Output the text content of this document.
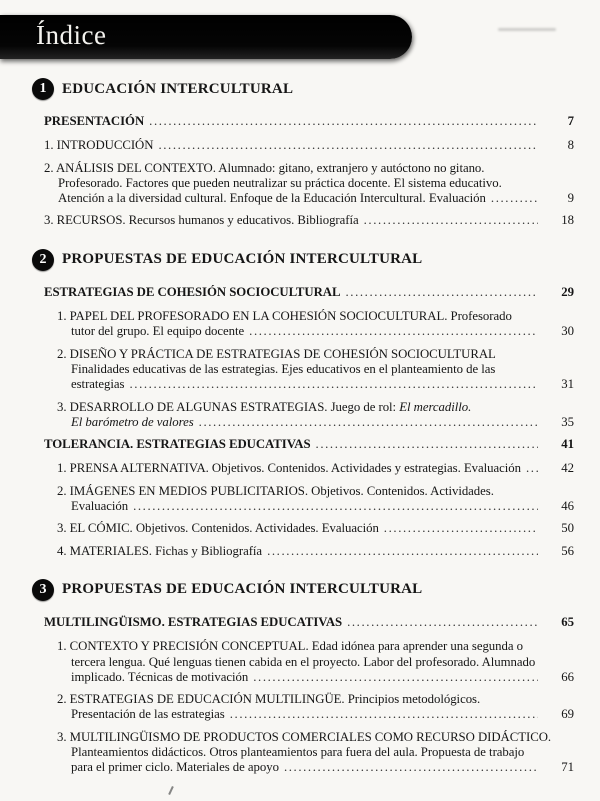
Índice
1	EDUCACIÓN INTERCULTURAL
PRESENTACIÓN .....	7
1. INTRODUCCIÓN .....	8
2. ANÁLISIS DEL CONTEXTO. Alumnado: gitano, extranjero y autóctono no gitano.
Profesorado. Factores que pueden neutralizar su práctica docente. El sistema educativo.
Atención a la diversidad cultural. Enfoque de la Educación Intercultural. Evaluación .....	9
3. RECURSOS. Recursos humanos y educativos. Bibliografía .....	18
2	PROPUESTAS DE EDUCACIÓN INTERCULTURAL
ESTRATEGIAS DE COHESIÓN SOCIOCULTURAL .....	29
1. PAPEL DEL PROFESORADO EN LA COHESIÓN SOCIOCULTURAL. Profesorado
tutor del grupo. El equipo docente .....	30
2. DISEÑO Y PRÁCTICA DE ESTRATEGIAS DE COHESIÓN SOCIOCULTURAL
Finalidades educativas de las estrategias. Ejes educativos en el planteamiento de las
estrategias .....	31
3. DESARROLLO DE ALGUNAS ESTRATEGIAS. Juego de rol: El mercadillo.
El barómetro de valores .....	35
TOLERANCIA. ESTRATEGIAS EDUCATIVAS .....	41
1. PRENSA ALTERNATIVA. Objetivos. Contenidos. Actividades y estrategias. Evaluación .....	42
2. IMÁGENES EN MEDIOS PUBLICITARIOS. Objetivos. Contenidos. Actividades.
Evaluación .....	46
3. EL CÓMIC. Objetivos. Contenidos. Actividades. Evaluación .....	50
4. MATERIALES. Fichas y Bibliografía .....	56
3	PROPUESTAS DE EDUCACIÓN INTERCULTURAL
MULTILINGÜISMO. ESTRATEGIAS EDUCATIVAS .....	65
1. CONTEXTO Y PRECISIÓN CONCEPTUAL. Edad idónea para aprender una segunda o
tercera lengua. Qué lenguas tienen cabida en el proyecto. Labor del profesorado. Alumnado
implicado. Técnicas de motivación .....	66
2. ESTRATEGIAS DE EDUCACIÓN MULTILINGÜE. Principios metodológicos.
Presentación de las estrategias .....	69
3. MULTILINGÜISMO DE PRODUCTOS COMERCIALES COMO RECURSO DIDÁCTICO.
Planteamientos didácticos. Otros planteamientos para fuera del aula. Propuesta de trabajo
para el primer ciclo. Materiales de apoyo .....	71
